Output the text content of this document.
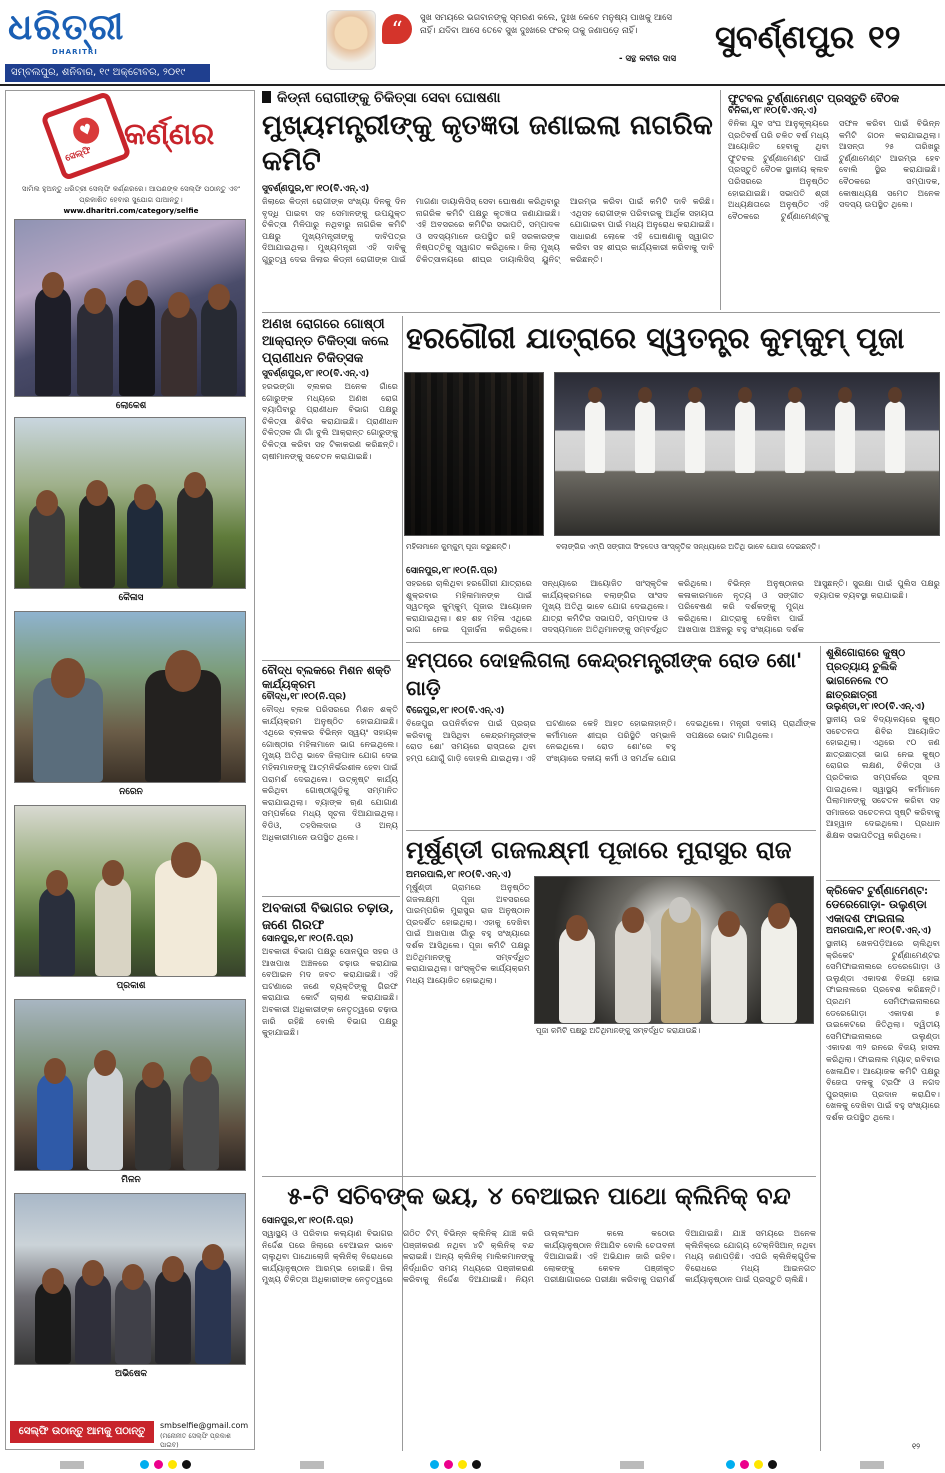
ଧରିତ୍ରୀ
DHARITRI
ସମ୍ବଲପୁର, ଶନିବାର, ୧୯ ଅକ୍ଟୋବର, ୨୦୧୯
“	ସୁଖ ସମୟରେ ଭଗବାନଙ୍କୁ ସ୍ମରଣ କଲେ, ଦୁଃଖ କେବେ ମନୁଷ୍ୟ ପାଖକୁ ଆସେ ନାହିଁ। ଯଦିବା ଆସେ ତେବେ ସୁଖ ଦୁଃଖରେ ଫରକ୍ ତାକୁ ଜଣାପଡ଼େ ନାହିଁ।
- ସନ୍ଥ କବୀର ଦାସ
ସୁବର୍ଣ୍ଣପୁର ୧୨
♥
ସେଲ୍ଫି
କର୍ଣ୍ଣର
ସାମିଲ ହୁଅନ୍ତୁ ଧରିତ୍ରୀ ସେଲ୍ଫି କର୍ଣ୍ଣରରେ। ଆପଣଙ୍କ ସେଲ୍ଫି ପଠାନ୍ତୁ ଏବଂ ପ୍ରକାଶିତ ହେବାର ସୁଯୋଗ ପାଆନ୍ତୁ।
www.dharitri.com/category/selfie
ଲୋକେଶ
କୈଳାସ
ନରେନ
ପ୍ରକାଶ
ମିଳନ
ଅଭିଷେକ
ସେଲ୍ଫି ଉଠାନ୍ତୁ ଆମକୁ ପଠାନ୍ତୁ
smbselfie@gmail.com
(ମନୋନୀତ ସେଲ୍ଫି ପ୍ରକାଶ ପାଇବ)
କିଡ୍‌ନୀ ରୋଗୀଙ୍କୁ ଚିକିତ୍ସା ସେବା ଘୋଷଣା
ମୁଖ୍ୟମନ୍ତ୍ରୀଙ୍କୁ କୃତଜ୍ଞତା ଜଣାଇଲା ନାଗରିକ କମିଟି
ସୁବର୍ଣ୍ଣପୁର,୧୮।୧୦(ବି.ଏନ୍.ଏ)
ଜିଲାରେ କିଡ୍‌ନୀ ରୋଗୀଙ୍କ ସଂଖ୍ୟା ଦିନକୁ ଦିନ ବୃଦ୍ଧି ପାଇବା ସହ ସେମାନଙ୍କୁ ଉପଯୁକ୍ତ ଚିକିତ୍ସା ମିଳିପାରୁ ନଥିବାରୁ ନାଗରିକ କମିଟି ପକ୍ଷରୁ ମୁଖ୍ୟମନ୍ତ୍ରୀଙ୍କୁ ଦାବିପତ୍ର ଦିଆଯାଇଥିଲା। ମୁଖ୍ୟମନ୍ତ୍ରୀ ଏହି ଦାବିକୁ ଗୁରୁତ୍ୱ ଦେଇ ଜିଲାର କିଡ୍‌ନୀ ରୋଗୀଙ୍କ ପାଇଁ ମାଗଣା ଡାୟାଲିସିସ୍ ସେବା ଘୋଷଣା କରିଥିବାରୁ ନାଗରିକ କମିଟି ପକ୍ଷରୁ କୃତଜ୍ଞତା ଜଣାଯାଇଛି। ଏହି ଅବସରରେ କମିଟିର ସଭାପତି, ସମ୍ପାଦକ ଓ ସଦସ୍ୟମାନେ ଉପସ୍ଥିତ ରହି ସରକାରଙ୍କ ନିଷ୍ପତ୍ତିକୁ ସ୍ୱାଗତ କରିଥିଲେ। ଜିଲା ମୁଖ୍ୟ ଚିକିତ୍ସାଳୟରେ ଶୀଘ୍ର ଡାୟାଲିସିସ୍ ୟୁନିଟ୍ ଆରମ୍ଭ କରିବା ପାଇଁ କମିଟି ଦାବି କରିଛି। ଏଥିସହ ରୋଗୀଙ୍କ ପରିବାରକୁ ଆର୍ଥିକ ସହାୟତା ଯୋଗାଇବା ପାଇଁ ମଧ୍ୟ ଅନୁରୋଧ କରାଯାଇଛି। ସାଧାରଣ ଲୋକେ ଏହି ଘୋଷଣାକୁ ସ୍ୱାଗତ କରିବା ସହ ଶୀଘ୍ର କାର୍ଯ୍ୟକାରୀ କରିବାକୁ ଦାବି କରିଛନ୍ତି।
ଫୁଟବଲ ଟୁର୍ଣ୍ଣାମେଣ୍ଟ ପ୍ରସ୍ତୁତି ବୈଠକ
ବିନିକା,୧୮।୧୦(ବି.ଏନ୍.ଏ)
ବିନିକା ଯୁବ ସଂଘ ଆନୁକୂଲ୍ୟରେ ପ୍ରତିବର୍ଷ ପରି ଚଳିତ ବର୍ଷ ମଧ୍ୟ ଆୟୋଜିତ ହେବାକୁ ଥିବା ଫୁଟବଲ ଟୁର୍ଣ୍ଣାମେଣ୍ଟ ପାଇଁ ପ୍ରସ୍ତୁତି ବୈଠକ ସ୍ଥାନୀୟ କ୍ଲବ ପରିସରରେ ଅନୁଷ୍ଠିତ ହୋଇଯାଇଛି। ସଭାପତି ଶ୍ରୀ ଅଧ୍ୟକ୍ଷତାରେ ଅନୁଷ୍ଠିତ ଏହି ବୈଠକରେ ଟୁର୍ଣ୍ଣାମେଣ୍ଟକୁ ସଫଳ କରିବା ପାଇଁ ବିଭିନ୍ନ କମିଟି ଗଠନ କରାଯାଇଥିଲା। ଆସନ୍ତା ୨୫ ତାରିଖରୁ ଟୁର୍ଣ୍ଣାମେଣ୍ଟ ଆରମ୍ଭ ହେବ ବୋଲି ସ୍ଥିର କରାଯାଇଛି। ବୈଠକରେ ସମ୍ପାଦକ, କୋଷାଧ୍ୟକ୍ଷ ସମେତ ଅନେକ ସଦସ୍ୟ ଉପସ୍ଥିତ ଥିଲେ।
ଅଣଖ ରୋଗରେ ଗୋଷ୍ଠୀ ଆକ୍ରାନ୍ତ ଚିକିତ୍ସା କଲେ ପ୍ରାଣୀଧନ ଚିକିତ୍ସକ
ସୁବର୍ଣ୍ଣପୁର,୧୮।୧୦(ବି.ଏନ୍.ଏ)
ହରଭଙ୍ଗା ବ୍ଲକର ଅନେକ ଗାଁରେ ଗୋରୁଙ୍କ ମଧ୍ୟରେ ଅଣଖ ରୋଗ ବ୍ୟାପିବାରୁ ପ୍ରାଣୀଧନ ବିଭାଗ ପକ୍ଷରୁ ଚିକିତ୍ସା ଶିବିର କରାଯାଇଛି। ପ୍ରାଣୀଧନ ଚିକିତ୍ସକ ଗାଁ ଗାଁ ବୁଲି ଆକ୍ରାନ୍ତ ଗୋରୁଙ୍କୁ ଚିକିତ୍ସା କରିବା ସହ ଟିକାକରଣ କରିଛନ୍ତି। ଚାଷୀମାନଙ୍କୁ ସଚେତନ କରାଯାଇଛି।
ହରଗୌରୀ ଯାତ୍ରାରେ ସ୍ୱତନ୍ତ୍ର କୁମ୍‌କୁମ୍ ପୂଜା
ମହିଳାମାନେ କୁମ୍‌କୁମ୍ ପୂଜା କରୁଛନ୍ତି।	ବଲାଙ୍ଗିର ଏମ୍‌ପି ସଙ୍ଗୀତା ସିଂହଦେଓ ସାଂସ୍କୃତିକ ସନ୍ଧ୍ୟାରେ ଅତିଥି ଭାବେ ଯୋଗ ଦେଇଛନ୍ତି।
ସୋନପୁର,୧୮।୧୦(ନି.ପ୍ର)
ସହରରେ ଚାଲିଥିବା ହରଗୌରୀ ଯାତ୍ରାରେ ଶୁକ୍ରବାର ମହିଳାମାନଙ୍କ ପାଇଁ ସ୍ୱତନ୍ତ୍ର କୁମ୍‌କୁମ୍ ପୂଜାର ଆୟୋଜନ କରାଯାଇଥିଲା। ଶହ ଶହ ମହିଳା ଏଥିରେ ଭାଗ ନେଇ ପୂଜାର୍ଚ୍ଚନା କରିଥିଲେ। ସନ୍ଧ୍ୟାରେ ଆୟୋଜିତ ସାଂସ୍କୃତିକ କାର୍ଯ୍ୟକ୍ରମରେ ବଲାଙ୍ଗିର ସାଂସଦ ମୁଖ୍ୟ ଅତିଥି ଭାବେ ଯୋଗ ଦେଇଥିଲେ। ଯାତ୍ରା କମିଟିର ସଭାପତି, ସମ୍ପାଦକ ଓ ସଦସ୍ୟମାନେ ଅତିଥିମାନଙ୍କୁ ସମ୍ବର୍ଦ୍ଧିତ କରିଥିଲେ। ବିଭିନ୍ନ ଅନୁଷ୍ଠାନର କଳାକାରମାନେ ନୃତ୍ୟ ଓ ସଙ୍ଗୀତ ପରିବେଷଣ କରି ଦର୍ଶକଙ୍କୁ ମୁଗ୍ଧ କରିଥିଲେ। ଯାତ୍ରାକୁ ଦେଖିବା ପାଇଁ ଆଖପାଖ ଅଞ୍ଚଳରୁ ବହୁ ସଂଖ୍ୟାରେ ଦର୍ଶକ ଆସୁଛନ୍ତି। ସୁରକ୍ଷା ପାଇଁ ପୁଲିସ ପକ୍ଷରୁ ବ୍ୟାପକ ବ୍ୟବସ୍ଥା କରାଯାଇଛି।
ବୌଦ୍ଧ ବ୍ଲକରେ ମିଶନ ଶକ୍ତି କାର୍ଯ୍ୟକ୍ରମ
ବୌଦ୍ଧ,୧୮।୧୦(ନି.ପ୍ର)
ବୌଦ୍ଧ ବ୍ଲକ ପରିସରରେ ମିଶନ ଶକ୍ତି କାର୍ଯ୍ୟକ୍ରମ ଅନୁଷ୍ଠିତ ହୋଇଯାଇଛି। ଏଥିରେ ବ୍ଲକର ବିଭିନ୍ନ ସ୍ୱୟଂ ସହାୟକ ଗୋଷ୍ଠୀର ମହିଳାମାନେ ଭାଗ ନେଇଥିଲେ। ମୁଖ୍ୟ ଅତିଥି ଭାବେ ଜିଲାପାଳ ଯୋଗ ଦେଇ ମହିଳାମାନଙ୍କୁ ଆତ୍ମନିର୍ଭରଶୀଳ ହେବା ପାଇଁ ପରାମର୍ଶ ଦେଇଥିଲେ। ଉତ୍କୃଷ୍ଟ କାର୍ଯ୍ୟ କରିଥିବା ଗୋଷ୍ଠୀଗୁଡ଼ିକୁ ସମ୍ମାନିତ କରାଯାଇଥିଲା। ବ୍ୟାଙ୍କ ଋଣ ଯୋଗାଣ ସମ୍ପର୍କରେ ମଧ୍ୟ ସୂଚନା ଦିଆଯାଇଥିଲା। ବିଡିଓ, ତହସିଲଦାର ଓ ଅନ୍ୟ ଅଧିକାରୀମାନେ ଉପସ୍ଥିତ ଥିଲେ।
ହମ୍ପରେ ଦୋହଲିଗଲା କେନ୍ଦ୍ରମନ୍ତ୍ରୀଙ୍କ ରୋଡ ଶୋ' ଗାଡ଼ି
ବିଜେପୁର,୧୮।୧୦(ବି.ଏନ୍.ଏ)
ବିଜେପୁର ଉପନିର୍ବାଚନ ପାଇଁ ପ୍ରଚାର କରିବାକୁ ଆସିଥିବା କେନ୍ଦ୍ରମନ୍ତ୍ରୀଙ୍କ ରୋଡ ଶୋ' ସମୟରେ ରାସ୍ତାରେ ଥିବା ହମ୍ପ ଯୋଗୁଁ ଗାଡ଼ି ଦୋହଲି ଯାଇଥିଲା। ଏହି ଘଟଣାରେ କେହି ଆହତ ହୋଇନାହାନ୍ତି। କର୍ମୀମାନେ ଶୀଘ୍ର ପରିସ୍ଥିତି ସମ୍ଭାଳି ନେଇଥିଲେ। ରୋଡ ଶୋ'ରେ ବହୁ ସଂଖ୍ୟାରେ ଦଳୀୟ କର୍ମୀ ଓ ସମର୍ଥକ ଯୋଗ ଦେଇଥିଲେ। ମନ୍ତ୍ରୀ ଦଳୀୟ ପ୍ରାର୍ଥୀଙ୍କ ସପକ୍ଷରେ ଭୋଟ ମାଗିଥିଲେ।
ଶୁଶିଗୋରାରେ କୁଷ୍ଠ ପ୍ରତ୍ୟାୟ ଚୁଲିକି ଭାଗନେଲେ ୯୦ ଛାତ୍ରଛାତ୍ରୀ
ଉଲୁଣ୍ଡା,୧୮।୧୦(ବି.ଏନ୍.ଏ)
ସ୍ଥାନୀୟ ଉଚ୍ଚ ବିଦ୍ୟାଳୟରେ କୁଷ୍ଠ ସଚେତନତା ଶିବିର ଆୟୋଜିତ ହୋଇଥିଲା। ଏଥିରେ ୯୦ ଜଣ ଛାତ୍ରଛାତ୍ରୀ ଭାଗ ନେଇ କୁଷ୍ଠ ରୋଗର ଲକ୍ଷଣ, ଚିକିତ୍ସା ଓ ପ୍ରତିକାର ସମ୍ପର୍କରେ ସୂଚନା ପାଇଥିଲେ। ସ୍ୱାସ୍ଥ୍ୟ କର୍ମୀମାନେ ପିଲାମାନଙ୍କୁ ସଚେତନ କରିବା ସହ ସମାଜରେ ସଚେତନତା ସୃଷ୍ଟି କରିବାକୁ ଆହ୍ୱାନ ଦେଇଥିଲେ। ପ୍ରଧାନ ଶିକ୍ଷକ ସଭାପତିତ୍ୱ କରିଥିଲେ।
ଅବକାରୀ ବିଭାଗର ଚଢ଼ାଉ, ଜଣେ ଗିରଫ
ସୋନପୁର,୧୮।୧୦(ନି.ପ୍ର)
ଅବକାରୀ ବିଭାଗ ପକ୍ଷରୁ ସୋନପୁର ସହର ଓ ଆଖପାଖ ଅଞ୍ଚଳରେ ଚଢ଼ାଉ କରାଯାଇ ବେଆଇନ ମଦ ଜବତ କରାଯାଇଛି। ଏହି ଘଟଣାରେ ଜଣେ ବ୍ୟକ୍ତିଙ୍କୁ ଗିରଫ କରାଯାଇ କୋର୍ଟ ଚାଲାଣ କରାଯାଇଛି। ଅବକାରୀ ଅଧିକାରୀଙ୍କ ନେତୃତ୍ୱରେ ଚଢ଼ାଉ ଜାରି ରହିଛି ବୋଲି ବିଭାଗ ପକ୍ଷରୁ କୁହାଯାଇଛି।
ମୂର୍ଷୁଣ୍ଡୀ ଗଜଲକ୍ଷ୍ମୀ ପୂଜାରେ ମୁରାସୁର ରାଜ
ଅମରପାଲି,୧୮।୧୦(ବି.ଏନ୍.ଏ)
ମୂର୍ଷୁଣ୍ଡୀ ଗ୍ରାମରେ ଅନୁଷ୍ଠିତ ଗଜଲକ୍ଷ୍ମୀ ପୂଜା ଅବସରରେ ପାରମ୍ପରିକ ମୁରାସୁର ରାଜ ଅନୁଷ୍ଠାନ ପ୍ରଦର୍ଶିତ ହୋଇଥିଲା। ଏହାକୁ ଦେଖିବା ପାଇଁ ଆଖପାଖ ଗାଁରୁ ବହୁ ସଂଖ୍ୟାରେ ଦର୍ଶକ ଆସିଥିଲେ। ପୂଜା କମିଟି ପକ୍ଷରୁ ଅତିଥିମାନଙ୍କୁ ସମ୍ବର୍ଦ୍ଧିତ କରାଯାଇଥିଲା। ସାଂସ୍କୃତିକ କାର୍ଯ୍ୟକ୍ରମ ମଧ୍ୟ ଆୟୋଜିତ ହୋଇଥିଲା।
ପୂଜା କମିଟି ପକ୍ଷରୁ ଅତିଥିମାନଙ୍କୁ ସମ୍ବର୍ଦ୍ଧିତ କରାଯାଉଛି।
କ୍ରିକେଟ ଟୁର୍ଣ୍ଣାମେଣ୍ଟ: ଡେରେଗୋଡ଼ା- ଉଲୁଣ୍ଡା ଏକାଦଶ ଫାଇନାଲ
ଅମରପାଲି,୧୮।୧୦(ବି.ଏନ୍.ଏ)
ସ୍ଥାନୀୟ ଖେଳପଡ଼ିଆରେ ଚାଲିଥିବା କ୍ରିକେଟ ଟୁର୍ଣ୍ଣାମେଣ୍ଟର ସେମିଫାଇନାଲରେ ଡେରେଗୋଡ଼ା ଓ ଉଲୁଣ୍ଡା ଏକାଦଶ ବିଜୟୀ ହୋଇ ଫାଇନାଲରେ ପ୍ରବେଶ କରିଛନ୍ତି। ପ୍ରଥମ ସେମିଫାଇନାଲରେ ଡେରେଗୋଡ଼ା ଏକାଦଶ ୫ ଉଇକେଟରେ ଜିତିଥିଲା। ଦ୍ୱିତୀୟ ସେମିଫାଇନାଲରେ ଉଲୁଣ୍ଡା ଏକାଦଶ ୩୨ ରନରେ ବିଜୟ ହାସଲ କରିଥିଲା। ଫାଇନାଲ ମ୍ୟାଚ୍ ରବିବାର ଖେଳାଯିବ। ଆୟୋଜକ କମିଟି ପକ୍ଷରୁ ବିଜେତା ଦଳକୁ ଟ୍ରଫି ଓ ନଗଦ ପୁରସ୍କାର ପ୍ରଦାନ କରାଯିବ। ଖେଳକୁ ଦେଖିବା ପାଇଁ ବହୁ ସଂଖ୍ୟାରେ ଦର୍ଶକ ଉପସ୍ଥିତ ଥିଲେ।
୫-ଟି ସଚିବଙ୍କ ଭୟ, ୪ ବେଆଇନ ପାଥୋ କ୍ଲିନିକ୍ ବନ୍ଦ
ସୋନପୁର,୧୮।୧୦(ନି.ପ୍ର)
ସ୍ୱାସ୍ଥ୍ୟ ଓ ପରିବାର କଲ୍ୟାଣ ବିଭାଗର ନିର୍ଦ୍ଦେଶ ପରେ ଜିଲାରେ ବେଆଇନ ଭାବେ ଚାଲୁଥିବା ପାଥୋଲୋଜି କ୍ଲିନିକ୍ ବିରୋଧରେ କାର୍ଯ୍ୟାନୁଷ୍ଠାନ ଆରମ୍ଭ ହୋଇଛି। ଜିଲା ମୁଖ୍ୟ ଚିକିତ୍ସା ଅଧିକାରୀଙ୍କ ନେତୃତ୍ୱରେ ଗଠିତ ଟିମ୍ ବିଭିନ୍ନ କ୍ଲିନିକ୍ ଯାଞ୍ଚ କରି ପଞ୍ଜୀକରଣ ନଥିବା ୪ଟି କ୍ଲିନିକ୍ ବନ୍ଦ କରାଇଛି। ଅନ୍ୟ କ୍ଲିନିକ୍ ମାଲିକମାନଙ୍କୁ ନିର୍ଦ୍ଧାରିତ ସମୟ ମଧ୍ୟରେ ପଞ୍ଜୀକରଣ କରିବାକୁ ନିର୍ଦ୍ଦେଶ ଦିଆଯାଇଛି। ନିୟମ ଉଲ୍ଲଂଘନ କଲେ କଠୋର କାର୍ଯ୍ୟାନୁଷ୍ଠାନ ନିଆଯିବ ବୋଲି ଚେତାବନୀ ଦିଆଯାଇଛି। ଏହି ଅଭିଯାନ ଜାରି ରହିବ। ଲୋକଙ୍କୁ କେବଳ ପଞ୍ଜୀକୃତ ପରୀକ୍ଷାଗାରରେ ପରୀକ୍ଷା କରିବାକୁ ପରାମର୍ଶ ଦିଆଯାଇଛି। ଯାଞ୍ଚ ସମୟରେ ଅନେକ କ୍ଲିନିକ୍‌ରେ ଯୋଗ୍ୟ ଟେକ୍ନିସିଆନ୍ ନଥିବା ମଧ୍ୟ ଜଣାପଡ଼ିଛି। ଏପରି କ୍ଲିନିକ୍‌ଗୁଡ଼ିକ ବିରୋଧରେ ମଧ୍ୟ ଆଇନଗତ କାର୍ଯ୍ୟାନୁଷ୍ଠାନ ପାଇଁ ପ୍ରସ୍ତୁତି ଚାଲିଛି।
୧୨
